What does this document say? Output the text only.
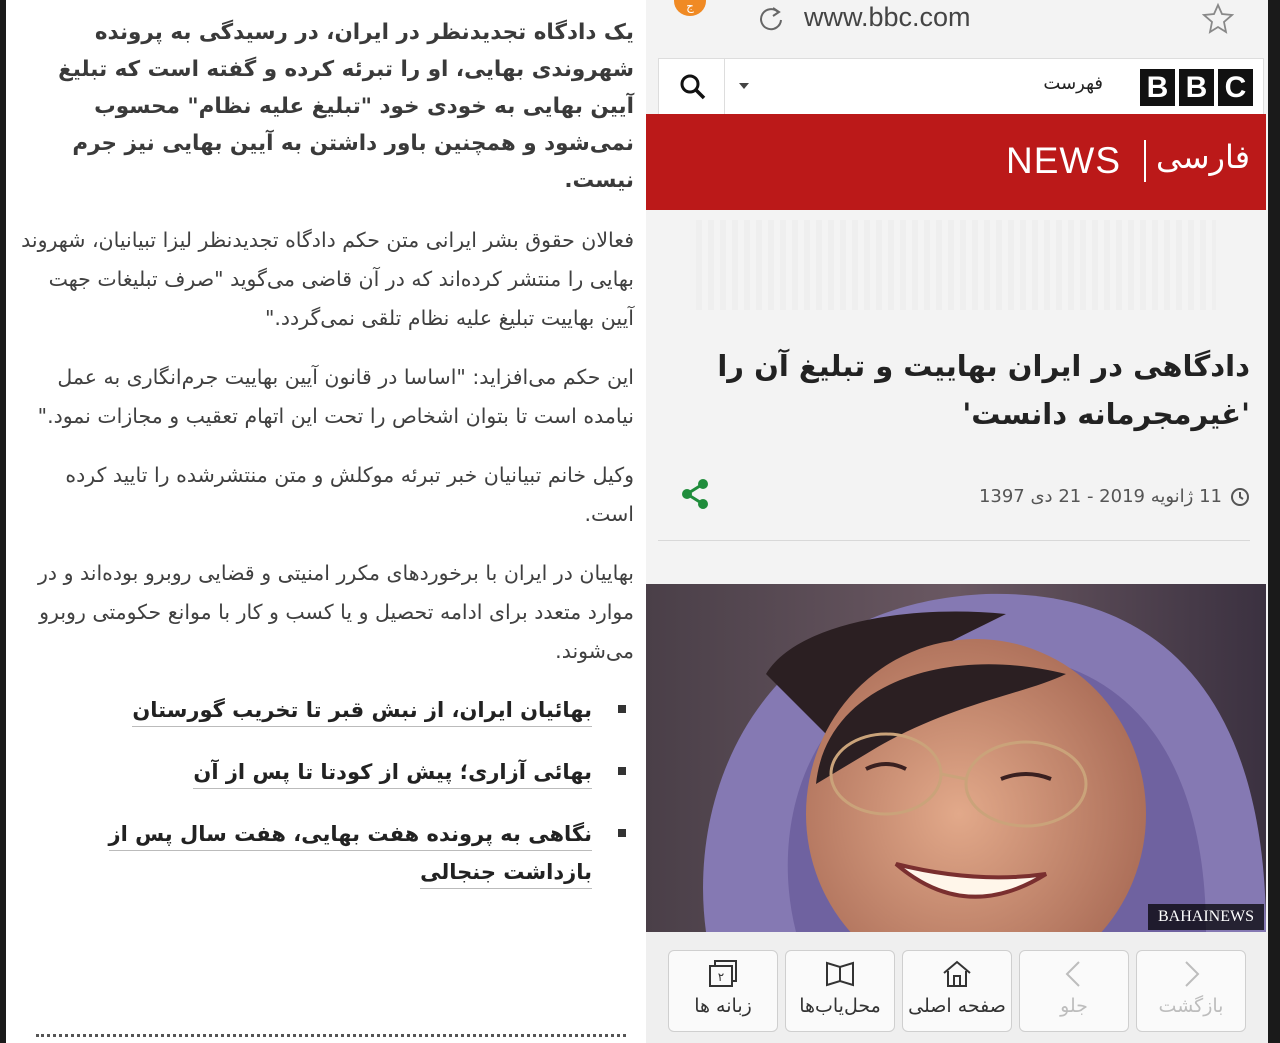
یک دادگاه تجدیدنظر در ایران، در رسیدگی به پرونده شهروندی بهایی، او را تبرئه کرده و گفته است که تبلیغ آیین بهایی به خودی خود "تبلیغ علیه نظام" محسوب نمی‌شود و همچنین باور داشتن به آیین بهایی نیز جرم نیست.

فعالان حقوق بشر ایرانی متن حکم دادگاه تجدیدنظر لیزا تبیانیان، شهروند بهایی را منتشر کرده‌اند که در آن قاضی می‌گوید "صرف تبلیغات جهت آیین بهاییت تبلیغ علیه نظام تلقی نمی‌گردد."

این حکم می‌افزاید: "اساسا در قانون آیین بهاییت جرم‌انگاری به عمل نیامده است تا بتوان اشخاص را تحت این اتهام تعقیب و مجازات نمود."

وکیل خانم تبیانیان خبر تبرئه موکلش و متن منتشرشده را تایید کرده است.

بهاییان در ایران با برخوردهای مکرر امنیتی و قضایی روبرو بوده‌اند و در موارد متعدد برای ادامه تحصیل و یا کسب و کار با موانع حکومتی روبرو می‌شوند.

بهائیان ایران، از نبش قبر تا تخریب گورستان
بهائی آزاری؛ پیش از کودتا تا پس از آن
نگاهی به پرونده هفت بهایی، هفت سال پس از بازداشت جنجالی
ج	www.bbc.com
فهرست B B C
NEWS فارسی
دادگاهی در ایران بهاییت و تبلیغ آن را 'غیرمجرمانه دانست'
11 ژانویه 2019 - 21 دی 1397
BAHAINEWS
۲
زبانه ها	محل‌یاب‌ها	صفحه اصلی	جلو	بازگشت
